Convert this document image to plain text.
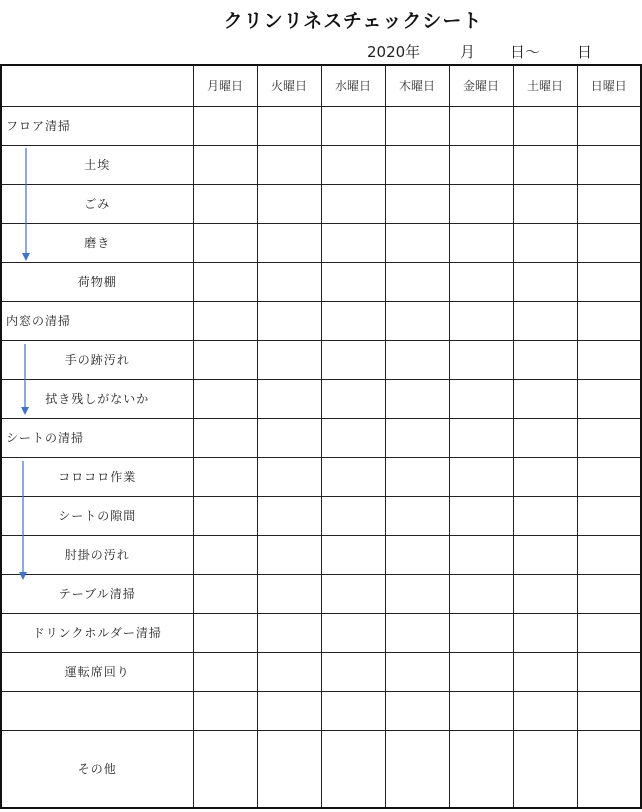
クリンリネスチェックシート
2020年	月 日〜 日
	月曜日	火曜日	水曜日	木曜日	金曜日	土曜日	日曜日
フロア清掃							
土埃							
ごみ							
磨き							
荷物棚							
内窓の清掃							
手の跡汚れ							
拭き残しがないか							
シートの清掃							
コロコロ作業							
シートの隙間							
肘掛の汚れ							
テーブル清掃							
ドリンクホルダー清掃							
運転席回り							

その他							
